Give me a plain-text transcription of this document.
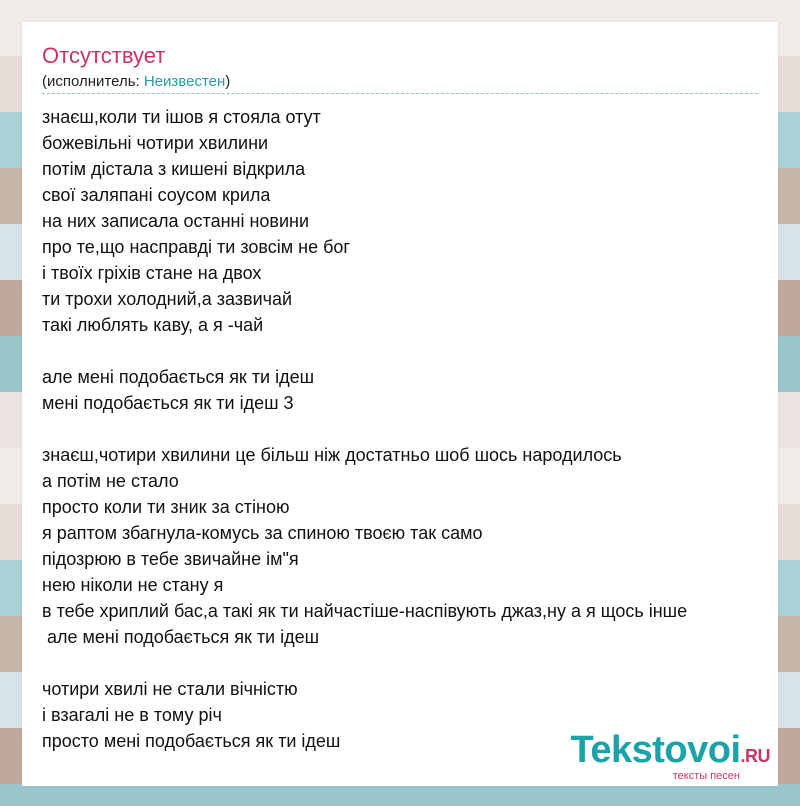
Отсутствует
(исполнитель: Неизвестен)
знаєш,коли ти ішов я стояла отут
божевільні чотири хвилини
потім дістала з кишені відкрила
свої заляпані соусом крила
на них записала останні новини
про те,що насправді ти зовсім не бог
і твоїх гріхів стане на двох
ти трохи холодний,а зазвичай
такі люблять каву, а я -чай
але мені подобається як ти ідеш
мені подобається як ти ідеш 3
знаєш,чотири хвилини це більш ніж достатньо шоб шось народилось
а потім не стало
просто коли ти зник за стіною
я раптом збагнула-комусь за спиною твоєю так само
підозрюю в тебе звичайне ім"я
нею ніколи не стану я
в тебе хриплий бас,а такі як ти найчастіше-наспівують джаз,ну а я щось інше
але мені подобається як ти ідеш
чотири хвилі не стали вічністю
і взагалі не в тому річ
просто мені подобається як ти ідеш	Tekstovoi.RU
тексты песен
